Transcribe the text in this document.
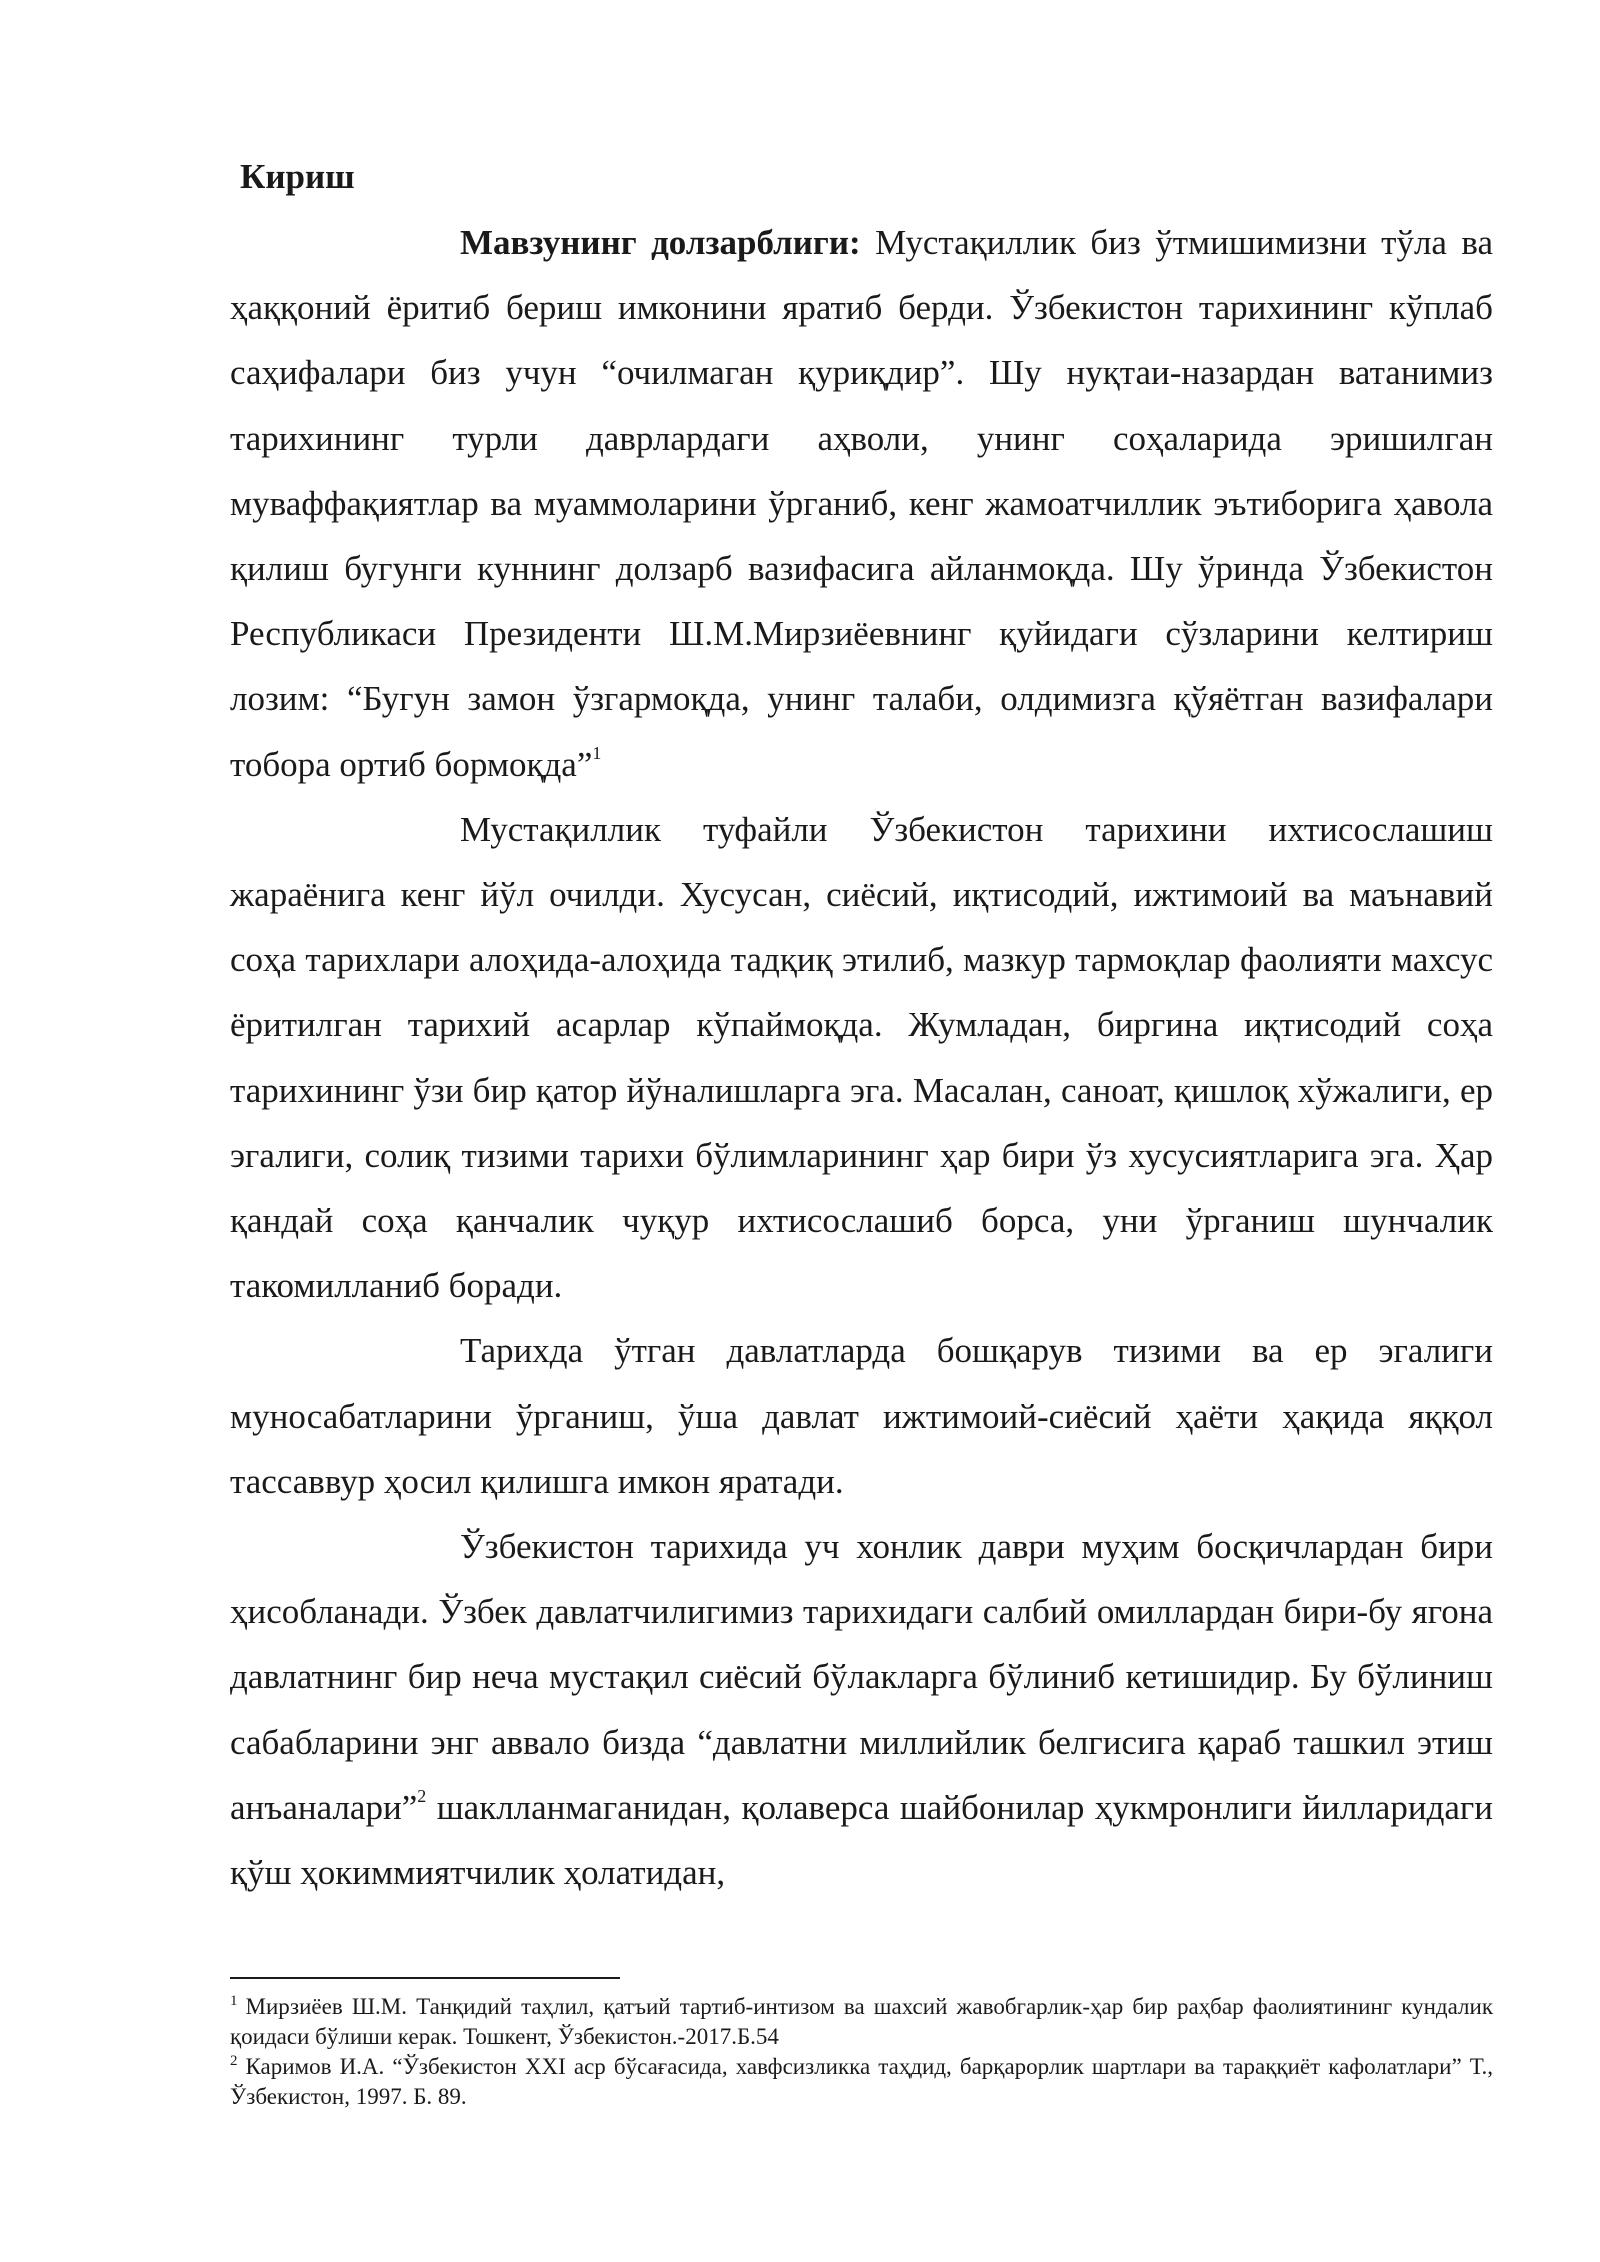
Кириш

Мавзунинг долзарблиги: Мустақиллик биз ўтмишимизни тўла ва ҳаққоний ёритиб бериш имконини яратиб берди. Ўзбекистон тарихининг кўплаб саҳифалари биз учун “очилмаган қуриқдир”. Шу нуқтаи-назардан ватанимиз тарихининг турли даврлардаги аҳволи, унинг соҳаларида эришилган муваффақиятлар ва муаммоларини ўрганиб, кенг жамоатчиллик эътиборига ҳавола қилиш бугунги куннинг долзарб вазифасига айланмоқда. Шу ўринда Ўзбекистон Республикаси Президенти Ш.М.Мирзиёевнинг қуйидаги сўзларини келтириш лозим: “Бугун замон ўзгармоқда, унинг талаби, олдимизга қўяётган вазифалари тобора ортиб бормоқда”$^1$

Мустақиллик туфайли Ўзбекистон тарихини ихтисослашиш жараёнига кенг йўл очилди. Хусусан, сиёсий, иқтисодий, ижтимоий ва маънавий соҳа тарихлари алоҳида-алоҳида тадқиқ этилиб, мазкур тармоқлар фаолияти махсус ёритилган тарихий асарлар кўпаймоқда. Жумладан, биргина иқтисодий соҳа тарихининг ўзи бир қатор йўналишларга эга. Масалан, саноат, қишлоқ хўжалиги, ер эгалиги, солиқ тизими тарихи бўлимларининг ҳар бири ўз хусусиятларига эга. Ҳар қандай соҳа қанчалик чуқур ихтисослашиб борса, уни ўрганиш шунчалик такомилланиб боради.

Тарихда ўтган давлатларда бошқарув тизими ва ер эгалиги муносабатларини ўрганиш, ўша давлат ижтимоий-сиёсий ҳаёти ҳақида яққол тассаввур ҳосил қилишга имкон яратади.

Ўзбекистон тарихида уч хонлик даври муҳим босқичлардан бири ҳисобланади. Ўзбек давлатчилигимиз тарихидаги салбий омиллардан бири-бу ягона давлатнинг бир неча мустақил сиёсий бўлакларга бўлиниб кетишидир. Бу бўлиниш сабабларини энг аввало бизда “давлатни миллийлик белгисига қараб ташкил этиш анъаналари”$^2$ шаклланмаганидан, қолаверса шайбонилар ҳукмронлиги йилларидаги қўш ҳокиммиятчилик ҳолатидан,

$^1$ Мирзиёев Ш.М. Танқидий таҳлил, қатъий тартиб-интизом ва шахсий жавобгарлик-ҳар бир раҳбар фаолиятининг кундалик қоидаси бўлиши керак. Тошкент, Ўзбекистон.-2017.Б.54

$^2$ Каримов И.А. “Ўзбекистон XXI аср бўсағасида, хавфсизликка таҳдид, барқарорлик шартлари ва тараққиёт кафолатлари” Т., Ўзбекистон, 1997. Б. 89.
